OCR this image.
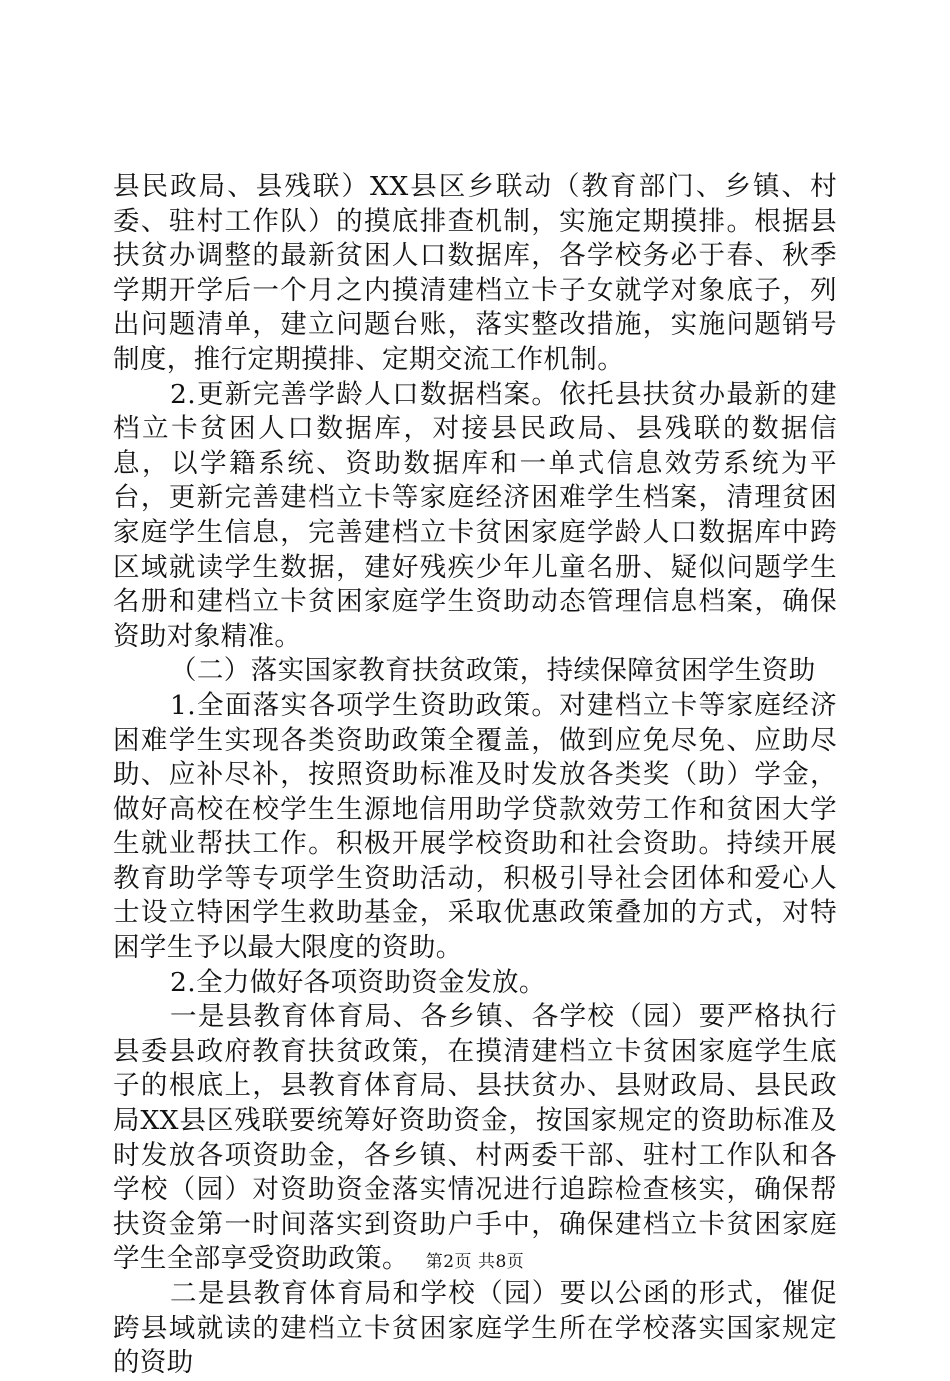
县民政局、县残联）XX县区乡联动（教育部门、乡镇、村委、驻村工作队）的摸底排查机制，实施定期摸排。根据县扶贫办调整的最新贫困人口数据库，各学校务必于春、秋季学期开学后一个月之内摸清建档立卡子女就学对象底子，列出问题清单，建立问题台账，落实整改措施，实施问题销号制度，推行定期摸排、定期交流工作机制。

2.更新完善学龄人口数据档案。依托县扶贫办最新的建档立卡贫困人口数据库，对接县民政局、县残联的数据信息，以学籍系统、资助数据库和一单式信息效劳系统为平台，更新完善建档立卡等家庭经济困难学生档案，清理贫困家庭学生信息，完善建档立卡贫困家庭学龄人口数据库中跨区域就读学生数据，建好残疾少年儿童名册、疑似问题学生名册和建档立卡贫困家庭学生资助动态管理信息档案，确保资助对象精准。

（二）落实国家教育扶贫政策，持续保障贫困学生资助

1.全面落实各项学生资助政策。对建档立卡等家庭经济困难学生实现各类资助政策全覆盖，做到应免尽免、应助尽助、应补尽补，按照资助标准及时发放各类奖（助）学金，做好高校在校学生生源地信用助学贷款效劳工作和贫困大学生就业帮扶工作。积极开展学校资助和社会资助。持续开展教育助学等专项学生资助活动，积极引导社会团体和爱心人士设立特困学生救助基金，采取优惠政策叠加的方式，对特困学生予以最大限度的资助。

2.全力做好各项资助资金发放。

一是县教育体育局、各乡镇、各学校（园）要严格执行县委县政府教育扶贫政策，在摸清建档立卡贫困家庭学生底子的根底上，县教育体育局、县扶贫办、县财政局、县民政局XX县区残联要统筹好资助资金，按国家规定的资助标准及时发放各项资助金，各乡镇、村两委干部、驻村工作队和各学校（园）对资助资金落实情况进行追踪检查核实，确保帮扶资金第一时间落实到资助户手中，确保建档立卡贫困家庭学生全部享受资助政策。

二是县教育体育局和学校（园）要以公函的形式，催促跨县域就读的建档立卡贫困家庭学生所在学校落实国家规定的资助

第2页 共8页
